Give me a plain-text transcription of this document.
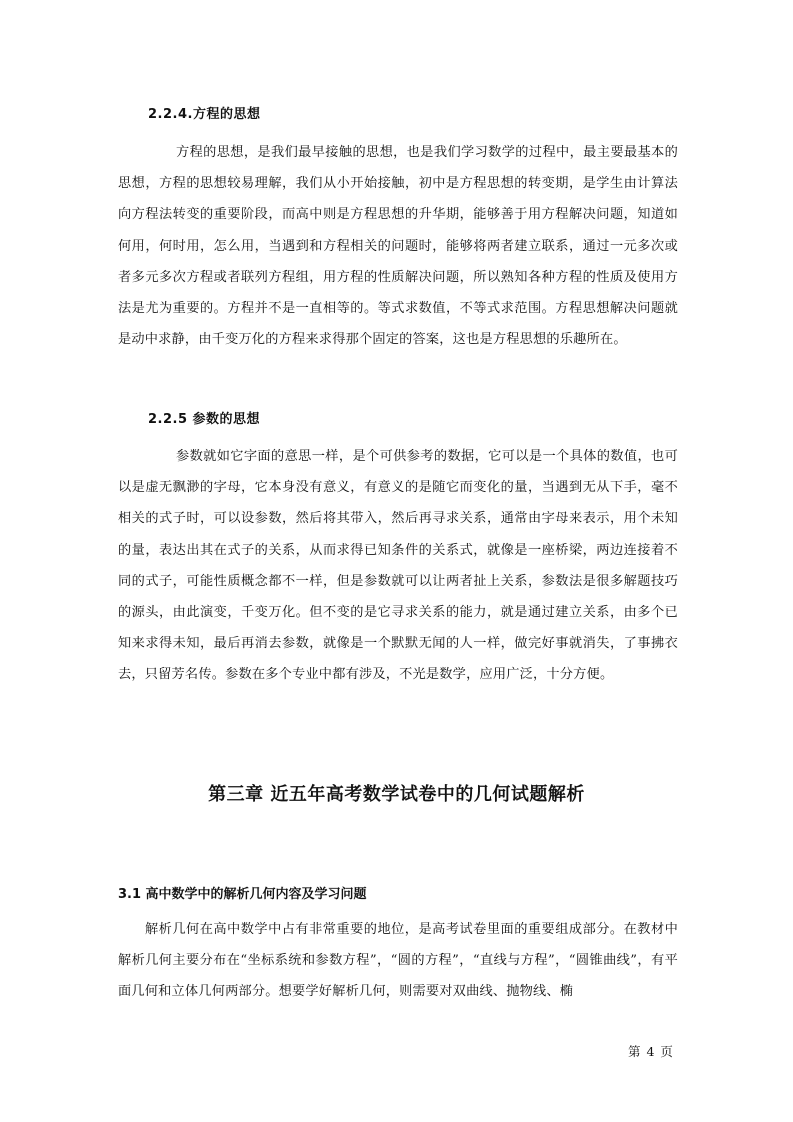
2.2.4.方程的思想
方程的思想，是我们最早接触的思想，也是我们学习数学的过程中，最主要最基本的思想，方程的思想较易理解，我们从小开始接触，初中是方程思想的转变期，是学生由计算法向方程法转变的重要阶段，而高中则是方程思想的升华期，能够善于用方程解决问题，知道如何用，何时用，怎么用，当遇到和方程相关的问题时，能够将两者建立联系，通过一元多次或者多元多次方程或者联列方程组，用方程的性质解决问题，所以熟知各种方程的性质及使用方法是尤为重要的。方程并不是一直相等的。等式求数值，不等式求范围。方程思想解决问题就是动中求静，由千变万化的方程来求得那个固定的答案，这也是方程思想的乐趣所在。
2.2.5 参数的思想
参数就如它字面的意思一样，是个可供参考的数据，它可以是一个具体的数值，也可以是虚无飘渺的字母，它本身没有意义，有意义的是随它而变化的量，当遇到无从下手，毫不相关的式子时，可以设参数，然后将其带入，然后再寻求关系，通常由字母来表示，用个未知的量，表达出其在式子的关系，从而求得已知条件的关系式，就像是一座桥梁，两边连接着不同的式子，可能性质概念都不一样，但是参数就可以让两者扯上关系，参数法是很多解题技巧的源头，由此演变，千变万化。但不变的是它寻求关系的能力，就是通过建立关系，由多个已知来求得未知，最后再消去参数，就像是一个默默无闻的人一样，做完好事就消失，了事拂衣去，只留芳名传。参数在多个专业中都有涉及，不光是数学，应用广泛，十分方便。
第三章 近五年高考数学试卷中的几何试题解析
3.1 高中数学中的解析几何内容及学习问题
解析几何在高中数学中占有非常重要的地位，是高考试卷里面的重要组成部分。在教材中解析几何主要分布在“坐标系统和参数方程”，“圆的方程”，“直线与方程”，“圆锥曲线”，有平面几何和立体几何两部分。想要学好解析几何，则需要对双曲线、抛物线、椭
第 4 页
